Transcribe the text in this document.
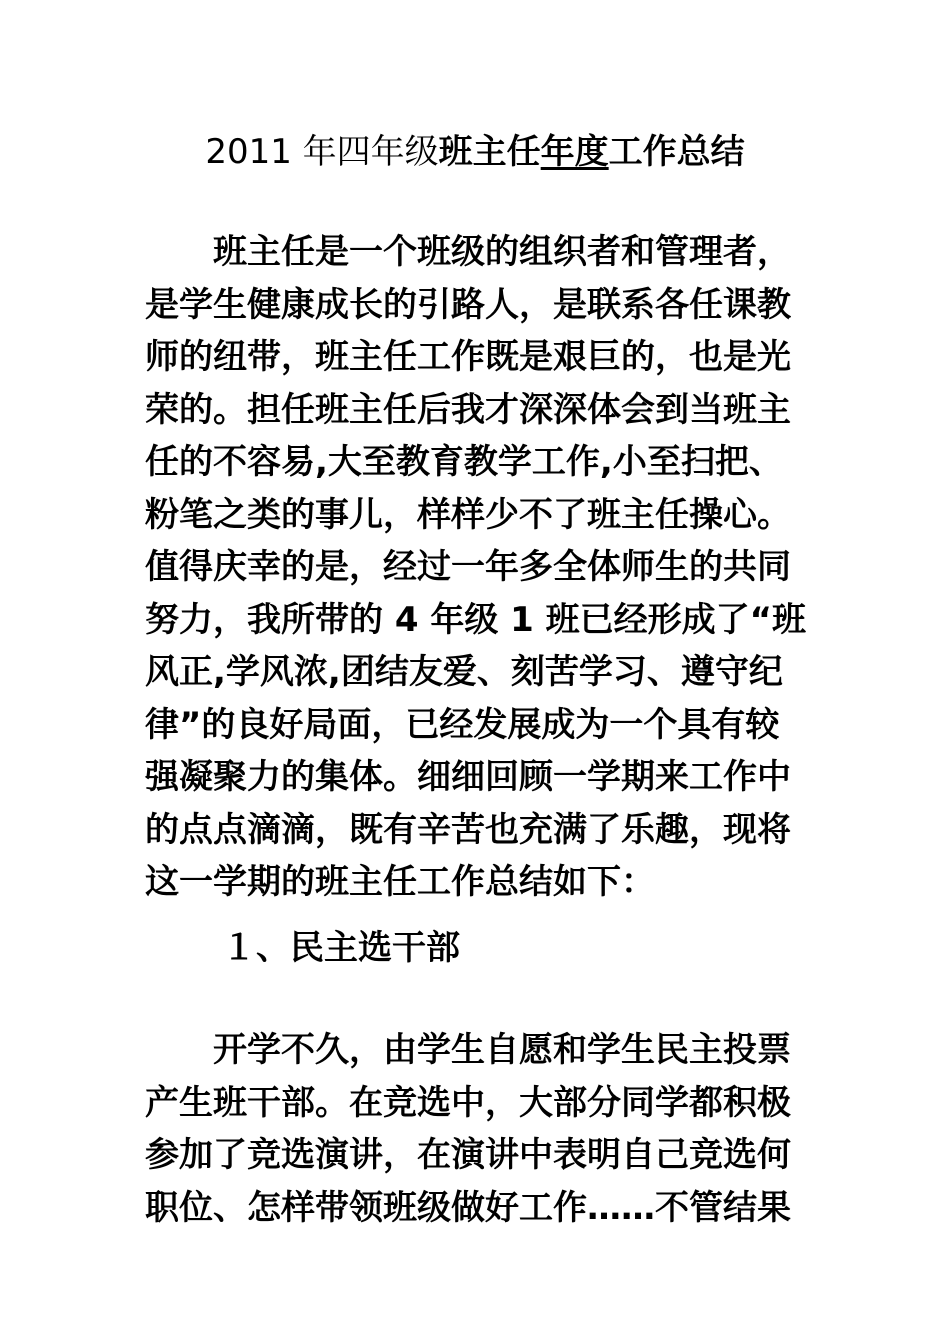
2011 年四年级班主任年度工作总结
班主任是一个班级的组织者和管理者，
是学生健康成长的引路人，是联系各任课教
师的纽带，班主任工作既是艰巨的，也是光
荣的。担任班主任后我才深深体会到当班主
任的不容易,大至教育教学工作,小至扫把、
粉笔之类的事儿，样样少不了班主任操心。
值得庆幸的是，经过一年多全体师生的共同
努力，我所带的 4 年级 1 班已经形成了“班
风正,学风浓,团结友爱、刻苦学习、遵守纪
律”的良好局面，已经发展成为一个具有较
强凝聚力的集体。细细回顾一学期来工作中
的点点滴滴，既有辛苦也充满了乐趣，现将
这一学期的班主任工作总结如下：
１、民主选干部
开学不久，由学生自愿和学生民主投票
产生班干部。在竞选中，大部分同学都积极
参加了竞选演讲，在演讲中表明自己竞选何
职位、怎样带领班级做好工作……不管结果
